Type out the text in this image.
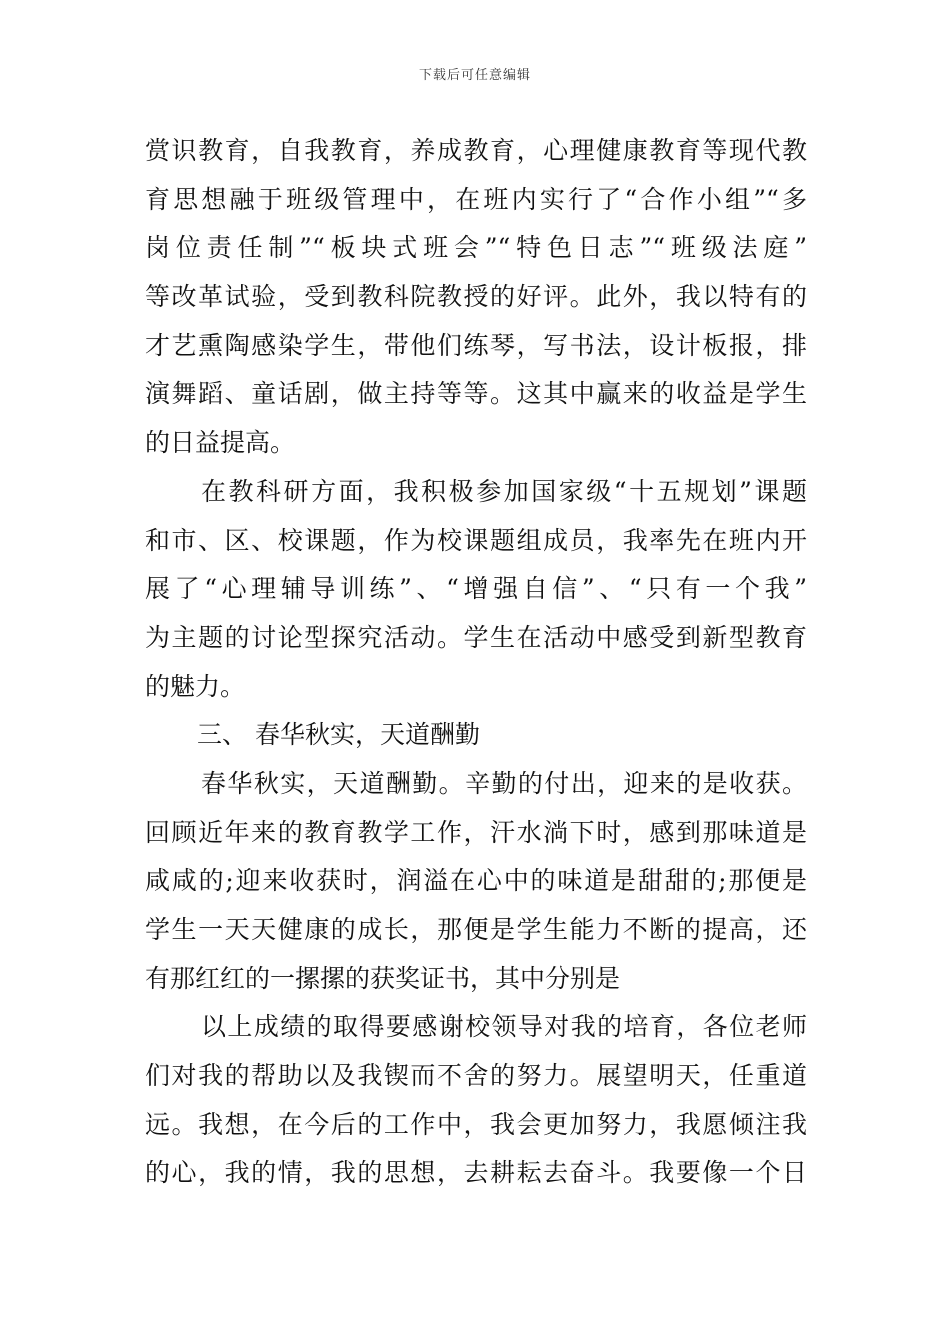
下载后可任意编辑
赏识教育，自我教育，养成教育，心理健康教育等现代教
育思想融于班级管理中，在班内实行了“合作小组”“多
岗位责任制”“板块式班会”“特色日志”“班级法庭”
等改革试验，受到教科院教授的好评。此外，我以特有的
才艺熏陶感染学生，带他们练琴，写书法，设计板报，排
演舞蹈、童话剧，做主持等等。这其中赢来的收益是学生
的日益提高。
在教科研方面，我积极参加国家级“十五规划”课题
和市、区、校课题，作为校课题组成员，我率先在班内开
展了“心理辅导训练”、“增强自信”、“只有一个我”
为主题的讨论型探究活动。学生在活动中感受到新型教育
的魅力。
三、 春华秋实，天道酬勤
春华秋实，天道酬勤。辛勤的付出，迎来的是收获。
回顾近年来的教育教学工作，汗水淌下时，感到那味道是
咸咸的;迎来收获时，润溢在心中的味道是甜甜的;那便是
学生一天天健康的成长，那便是学生能力不断的提高，还
有那红红的一摞摞的获奖证书，其中分别是
以上成绩的取得要感谢校领导对我的培育，各位老师
们对我的帮助以及我锲而不舍的努力。展望明天，任重道
远。我想，在今后的工作中，我会更加努力，我愿倾注我
的心，我的情，我的思想，去耕耘去奋斗。我要像一个日
